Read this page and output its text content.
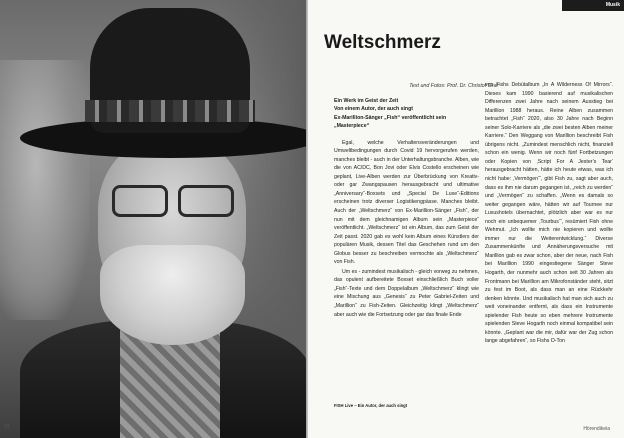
93
Musik
Weltschmerz
Text und Fotos: Prof. Dr. Christof Graf

Ein Werk im Geist der Zeit
Von einem Autor, der auch singt
Ex-Marillion-Sänger „Fish“ veröffentlicht sein
„Masterpiece“

Egal, welche Verhaltensveränderungen und Umweltbedingungen durch Covid 19 hervorgerufen werden, manches bleibt - auch in der Unterhaltungsbranche. Alben, wie die von AC/DC, Bon Jovi oder Elvis Costello erscheinen wie geplant, Live-Alben werden zur Überbrückung von Kreativ- oder gar Zwangspausen herausgebracht und ultimative „Anniversary“-Boxsets und „Special De Luxe“-Editions erscheinen trotz diverser Logistikengpässe. Manches bleibt. Auch der „Weltschmerz“ von Ex-Marillion-Sänger „Fish“, der nun mit dem gleichnamigen Album sein „Masterpiece“ veröffentlicht. „Weltschmerz“ ist ein Album, das zum Geist der Zeit passt. 2020 gab es wohl kein Album eines Künstlers der populären Musik, dessen Titel das Geschehen rund um den Globus besser zu beschreiben vermochte als „Weltschmerz“ von Fish.

Um es - zumindest musikalisch - gleich vorweg zu nehmen, das opulent aufbereitete Boxset einschließlich Buch voller „Fish“-Texte und dem Doppelalbum „Weltschmerz“ klingt wie eine Mischung aus „Genesis“ zu Peter Gabriel-Zeiten und „Marillion“ zu Fish-Zeiten. Gleichzeitig klingt „Weltschmerz“ aber auch wie die Fortsetzung oder gar das finale Ende

von Fishs Debütalbum „In A Wilderness Of Mirrors“. Dieses kam 1990 basierend auf musikalischen Differenzen zwei Jahre nach seinem Ausstieg bei Marillion 1988 heraus. Reine Alben zusammen betrachtet „Fish“ 2020, also 30 Jahre nach Beginn seiner Solo-Karriere als „die zwei besten Alben meiner Karriere.“ Den Weggang von Marillion beschreibt Fish übrigens nicht. „Zumindest menschlich nicht, finanziell schon ein wenig. Wenn wir noch fünf Fortbetzungen oder Kopien von ‚Script For A Jester’s Tear‘ herausgebracht hätten, hätte ich heute etwas, was ich nicht habe: ‚Vermögen‘“, gibt Fish zu, sagt aber auch, dass es ihm nie darum gegangen ist, „reich zu werden“ und „Vermögen“ zu schaffen. „Wenn es damals so weiter gegangen wäre, hätten wir auf Tourneе nur Luxushotels übernachtet, plötzlich aber war es nur noch ein unbequemer ‚Tourbus‘“, resümiert Fish ohne Wehmut. „Ich wollte mich nie kopieren und wollte immer nur die Weiterentwicklung.“ Diverse Zusammenkünfte und Annäherungsversuche mit Marillion gab es zwar schon, aber der neue, nach Fish bei Marillion 1990 eingestiegene Sänger Steve Hogarth, der nunmehr auch schon seit 30 Jahren als Frontmann bei Marillion am Mikrofonständer steht, sitzt zu fest im Boot, als dass man an eine Rückkehr denken könnte. Und musikalisch hat man sich auch zu weit voneinander entfernt, als dass ein Instrumente spielender Fish heute so eben mehrere Instrumente spielenden Steve Hogarth noch einmal kompatibel sein könnte. „Geplant war die mir, dafür war der Zug schon lange abgefahren“, so Fishs O-Ton

FISH Live – Ein Autor, der auch singt
Hörendikeia
